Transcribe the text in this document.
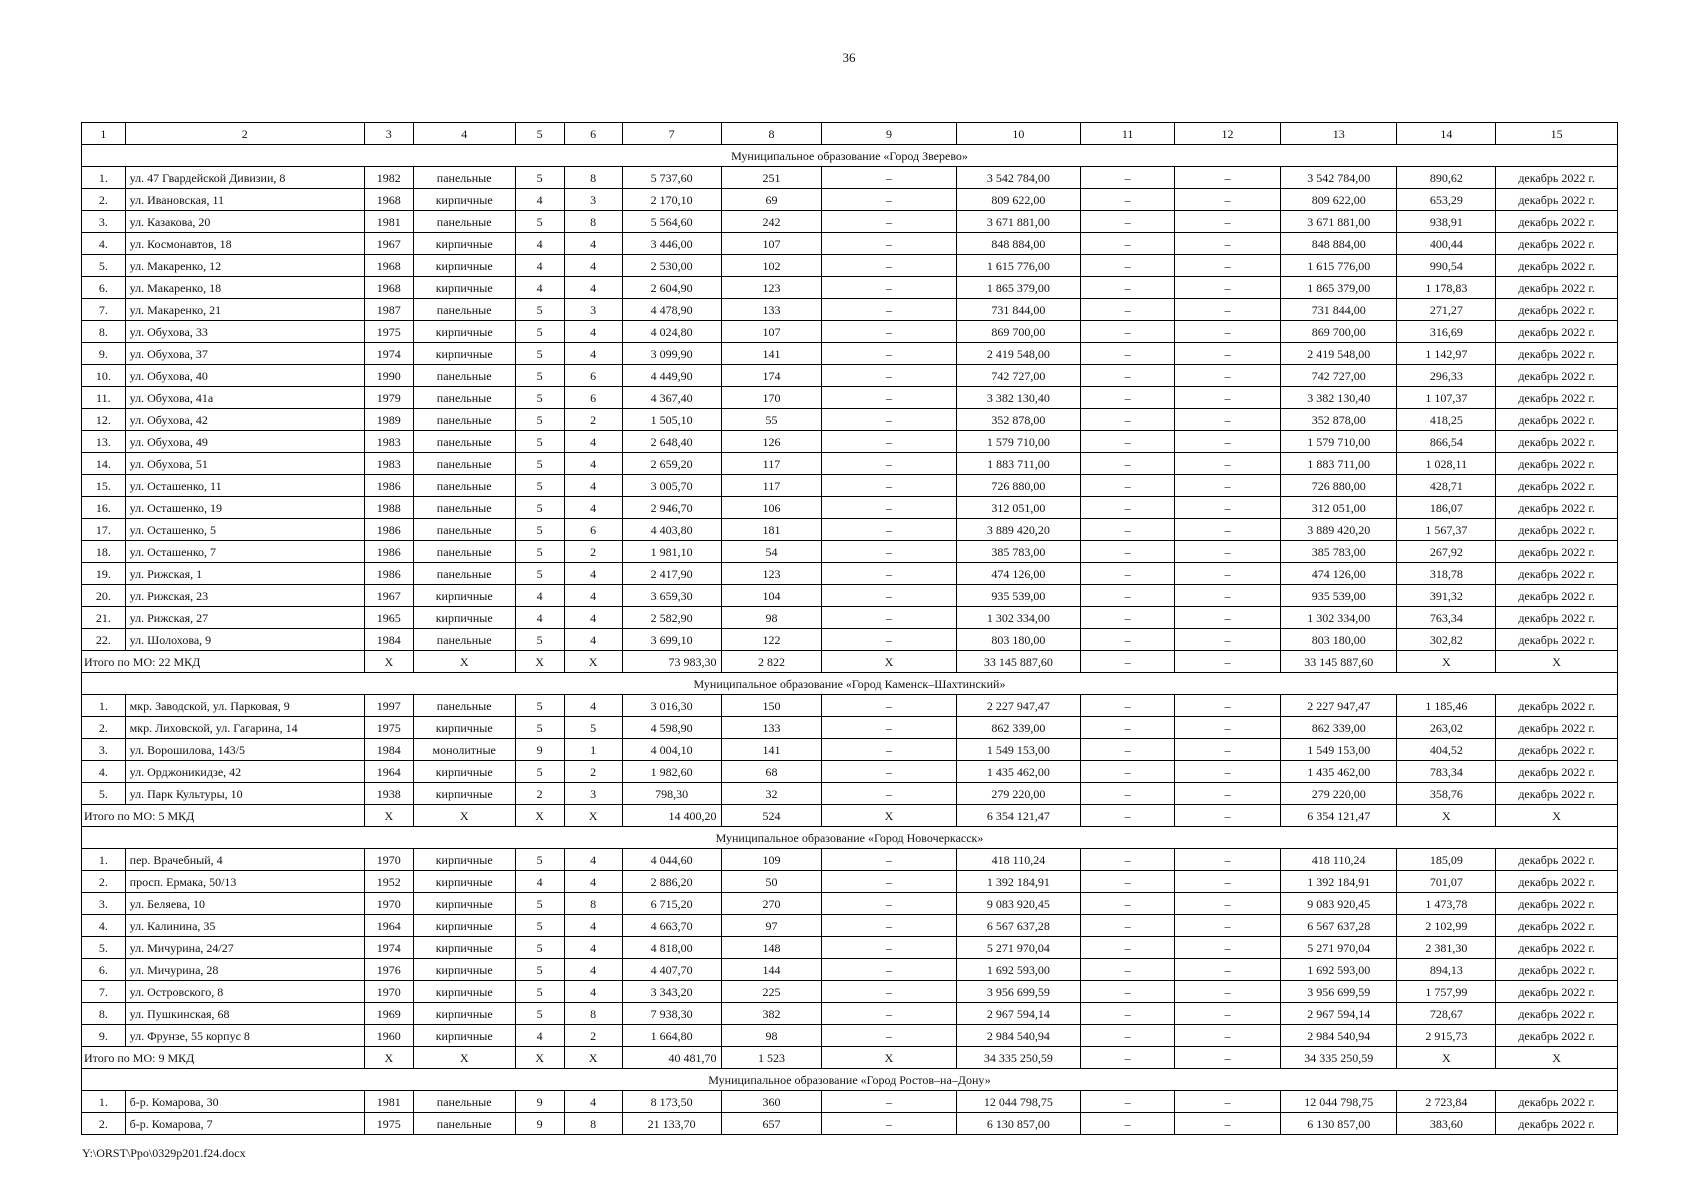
36
1	2	3	4	5	6	7	8	9	10	11	12	13	14	15
Муниципальное образование «Город Зверево»														
1.	ул. 47 Гвардейской Дивизии, 8	1982	панельные	5	8	5 737,60	251	–	3 542 784,00	–	–	3 542 784,00	890,62	декабрь 2022 г.
2.	ул. Ивановская, 11	1968	кирпичные	4	3	2 170,10	69	–	809 622,00	–	–	809 622,00	653,29	декабрь 2022 г.
3.	ул. Казакова, 20	1981	панельные	5	8	5 564,60	242	–	3 671 881,00	–	–	3 671 881,00	938,91	декабрь 2022 г.
4.	ул. Космонавтов, 18	1967	кирпичные	4	4	3 446,00	107	–	848 884,00	–	–	848 884,00	400,44	декабрь 2022 г.
5.	ул. Макаренко, 12	1968	кирпичные	4	4	2 530,00	102	–	1 615 776,00	–	–	1 615 776,00	990,54	декабрь 2022 г.
6.	ул. Макаренко, 18	1968	кирпичные	4	4	2 604,90	123	–	1 865 379,00	–	–	1 865 379,00	1 178,83	декабрь 2022 г.
7.	ул. Макаренко, 21	1987	панельные	5	3	4 478,90	133	–	731 844,00	–	–	731 844,00	271,27	декабрь 2022 г.
8.	ул. Обухова, 33	1975	кирпичные	5	4	4 024,80	107	–	869 700,00	–	–	869 700,00	316,69	декабрь 2022 г.
9.	ул. Обухова, 37	1974	кирпичные	5	4	3 099,90	141	–	2 419 548,00	–	–	2 419 548,00	1 142,97	декабрь 2022 г.
10.	ул. Обухова, 40	1990	панельные	5	6	4 449,90	174	–	742 727,00	–	–	742 727,00	296,33	декабрь 2022 г.
11.	ул. Обухова, 41а	1979	панельные	5	6	4 367,40	170	–	3 382 130,40	–	–	3 382 130,40	1 107,37	декабрь 2022 г.
12.	ул. Обухова, 42	1989	панельные	5	2	1 505,10	55	–	352 878,00	–	–	352 878,00	418,25	декабрь 2022 г.
13.	ул. Обухова, 49	1983	панельные	5	4	2 648,40	126	–	1 579 710,00	–	–	1 579 710,00	866,54	декабрь 2022 г.
14.	ул. Обухова, 51	1983	панельные	5	4	2 659,20	117	–	1 883 711,00	–	–	1 883 711,00	1 028,11	декабрь 2022 г.
15.	ул. Осташенко, 11	1986	панельные	5	4	3 005,70	117	–	726 880,00	–	–	726 880,00	428,71	декабрь 2022 г.
16.	ул. Осташенко, 19	1988	панельные	5	4	2 946,70	106	–	312 051,00	–	–	312 051,00	186,07	декабрь 2022 г.
17.	ул. Осташенко, 5	1986	панельные	5	6	4 403,80	181	–	3 889 420,20	–	–	3 889 420,20	1 567,37	декабрь 2022 г.
18.	ул. Осташенко, 7	1986	панельные	5	2	1 981,10	54	–	385 783,00	–	–	385 783,00	267,92	декабрь 2022 г.
19.	ул. Рижская, 1	1986	панельные	5	4	2 417,90	123	–	474 126,00	–	–	474 126,00	318,78	декабрь 2022 г.
20.	ул. Рижская, 23	1967	кирпичные	4	4	3 659,30	104	–	935 539,00	–	–	935 539,00	391,32	декабрь 2022 г.
21.	ул. Рижская, 27	1965	кирпичные	4	4	2 582,90	98	–	1 302 334,00	–	–	1 302 334,00	763,34	декабрь 2022 г.
22.	ул. Шолохова, 9	1984	панельные	5	4	3 699,10	122	–	803 180,00	–	–	803 180,00	302,82	декабрь 2022 г.
Итого по МО: 22 МКД		X	X	X	X	73 983,30	2 822	X	33 145 887,60	–	–	33 145 887,60	X	X
Муниципальное образование «Город Каменск–Шахтинский»														
1.	мкр. Заводской, ул. Парковая, 9	1997	панельные	5	4	3 016,30	150	–	2 227 947,47	–	–	2 227 947,47	1 185,46	декабрь 2022 г.
2.	мкр. Лиховской, ул. Гагарина, 14	1975	кирпичные	5	5	4 598,90	133	–	862 339,00	–	–	862 339,00	263,02	декабрь 2022 г.
3.	ул. Ворошилова, 143/5	1984	монолитные	9	1	4 004,10	141	–	1 549 153,00	–	–	1 549 153,00	404,52	декабрь 2022 г.
4.	ул. Орджоникидзе, 42	1964	кирпичные	5	2	1 982,60	68	–	1 435 462,00	–	–	1 435 462,00	783,34	декабрь 2022 г.
5.	ул. Парк Культуры, 10	1938	кирпичные	2	3	798,30	32	–	279 220,00	–	–	279 220,00	358,76	декабрь 2022 г.
Итого по МО: 5 МКД		X	X	X	X	14 400,20	524	X	6 354 121,47	–	–	6 354 121,47	X	X
Муниципальное образование «Город Новочеркасск»														
1.	пер. Врачебный, 4	1970	кирпичные	5	4	4 044,60	109	–	418 110,24	–	–	418 110,24	185,09	декабрь 2022 г.
2.	просп. Ермака, 50/13	1952	кирпичные	4	4	2 886,20	50	–	1 392 184,91	–	–	1 392 184,91	701,07	декабрь 2022 г.
3.	ул. Беляева, 10	1970	кирпичные	5	8	6 715,20	270	–	9 083 920,45	–	–	9 083 920,45	1 473,78	декабрь 2022 г.
4.	ул. Калинина, 35	1964	кирпичные	5	4	4 663,70	97	–	6 567 637,28	–	–	6 567 637,28	2 102,99	декабрь 2022 г.
5.	ул. Мичурина, 24/27	1974	кирпичные	5	4	4 818,00	148	–	5 271 970,04	–	–	5 271 970,04	2 381,30	декабрь 2022 г.
6.	ул. Мичурина, 28	1976	кирпичные	5	4	4 407,70	144	–	1 692 593,00	–	–	1 692 593,00	894,13	декабрь 2022 г.
7.	ул. Островского, 8	1970	кирпичные	5	4	3 343,20	225	–	3 956 699,59	–	–	3 956 699,59	1 757,99	декабрь 2022 г.
8.	ул. Пушкинская, 68	1969	кирпичные	5	8	7 938,30	382	–	2 967 594,14	–	–	2 967 594,14	728,67	декабрь 2022 г.
9.	ул. Фрунзе, 55 корпус 8	1960	кирпичные	4	2	1 664,80	98	–	2 984 540,94	–	–	2 984 540,94	2 915,73	декабрь 2022 г.
Итого по МО: 9 МКД		X	X	X	X	40 481,70	1 523	X	34 335 250,59	–	–	34 335 250,59	X	X
Муниципальное образование «Город Ростов–на–Дону»														
1.	б-р. Комарова, 30	1981	панельные	9	4	8 173,50	360	–	12 044 798,75	–	–	12 044 798,75	2 723,84	декабрь 2022 г.
2.	б-р. Комарова, 7	1975	панельные	9	8	21 133,70	657	–	6 130 857,00	–	–	6 130 857,00	383,60	декабрь 2022 г.
Y:\ORST\Ppo\0329p201.f24.docx
